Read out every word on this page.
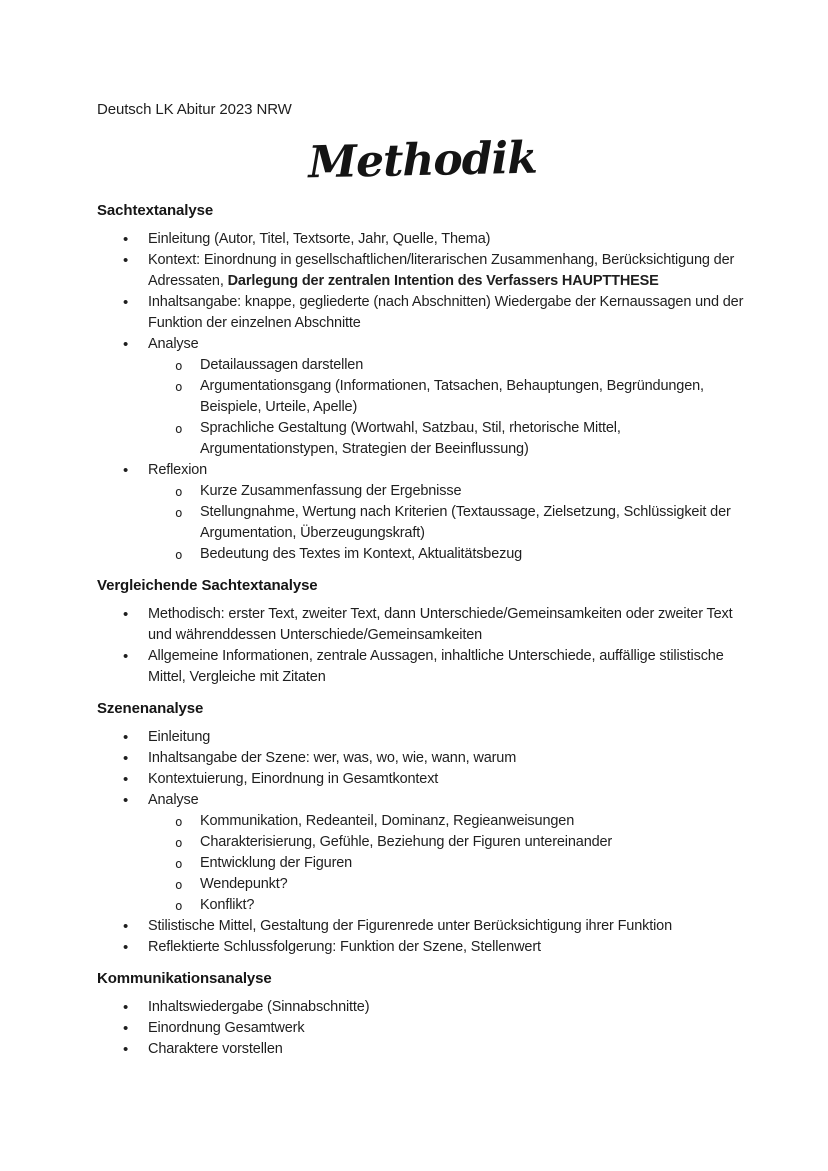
Deutsch LK Abitur 2023 NRW

Methodik
Sachtextanalyse
• Einleitung (Autor, Titel, Textsorte, Jahr, Quelle, Thema)
• Kontext: Einordnung in gesellschaftlichen/literarischen Zusammenhang, Berücksichtigung der Adressaten, Darlegung der zentralen Intention des Verfassers HAUPTTHESE
• Inhaltsangabe: knappe, gegliederte (nach Abschnitten) Wiedergabe der Kernaussagen und der Funktion der einzelnen Abschnitte
• Analyse
o Detailaussagen darstellen
o Argumentationsgang (Informationen, Tatsachen, Behauptungen, Begründungen, Beispiele, Urteile, Apelle)
o Sprachliche Gestaltung (Wortwahl, Satzbau, Stil, rhetorische Mittel, Argumentationstypen, Strategien der Beeinflussung)
• Reflexion
o Kurze Zusammenfassung der Ergebnisse
o Stellungnahme, Wertung nach Kriterien (Textaussage, Zielsetzung, Schlüssigkeit der Argumentation, Überzeugungskraft)
o Bedeutung des Textes im Kontext, Aktualitätsbezug
Vergleichende Sachtextanalyse
• Methodisch: erster Text, zweiter Text, dann Unterschiede/Gemeinsamkeiten oder zweiter Text und währenddessen Unterschiede/Gemeinsamkeiten
• Allgemeine Informationen, zentrale Aussagen, inhaltliche Unterschiede, auffällige stilistische Mittel, Vergleiche mit Zitaten
Szenenanalyse
• Einleitung
• Inhaltsangabe der Szene: wer, was, wo, wie, wann, warum
• Kontextuierung, Einordnung in Gesamtkontext
• Analyse
o Kommunikation, Redeanteil, Dominanz, Regieanweisungen
o Charakterisierung, Gefühle, Beziehung der Figuren untereinander
o Entwicklung der Figuren
o Wendepunkt?
o Konflikt?
• Stilistische Mittel, Gestaltung der Figurenrede unter Berücksichtigung ihrer Funktion
• Reflektierte Schlussfolgerung: Funktion der Szene, Stellenwert
Kommunikationsanalyse
• Inhaltswiedergabe (Sinnabschnitte)
• Einordnung Gesamtwerk
• Charaktere vorstellen
